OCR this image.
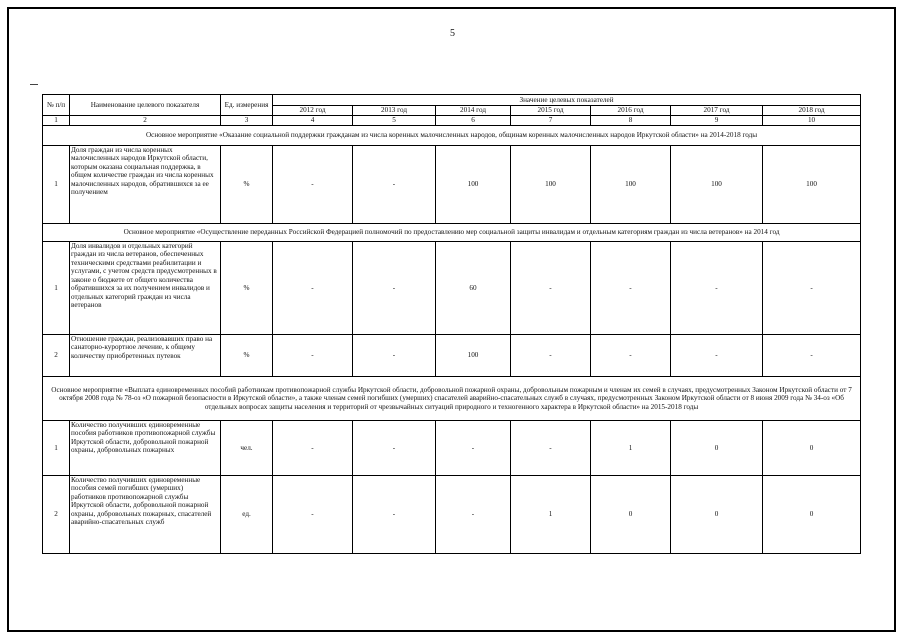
5
№ п/п	Наименование целевого показателя	Ед. измерения	Значение целевых показателей						
			2012 год	2013 год	2014 год	2015 год	2016 год	2017 год	2018 год
1	2	3	4	5	6	7	8	9	10
Основное мероприятие «Оказание социальной поддержки гражданам из числа коренных малочисленных народов, общинам коренных малочисленных народов Иркутской области» на 2014-2018 годы									
1	Доля граждан из числа коренных малочисленных народов Иркутской области, которым оказана социальная поддержка, в общем количестве граждан из числа коренных малочисленных народов, обратившихся за ее получением	%	-	-	100	100	100	100	100
Основное мероприятие «Осуществление переданных Российской Федерацией полномочий по предоставлению мер социальной защиты инвалидам и отдельным категориям граждан из числа ветеранов» на 2014 год									
1	Доля инвалидов и отдельных категорий граждан из числа ветеранов, обеспеченных техническими средствами реабилитации и услугами, с учетом средств предусмотренных в законе о бюджете от общего количества обратившихся за их получением инвалидов и отдельных категорий граждан из числа ветеранов	%	-	-	60	-	-	-	-
2	Отношение граждан, реализовавших право на санаторно-курортное лечение, к общему количеству приобретенных путевок	%	-	-	100	-	-	-	-
Основное мероприятие «Выплата единовременных пособий работникам противопожарной службы Иркутской области, добровольной пожарной охраны, добровольным пожарным и членам их семей в случаях, предусмотренных Законом Иркутской области от 7 октября 2008 года № 78-оз «О пожарной безопасности в Иркутской области», а также членам семей погибших (умерших) спасателей аварийно-спасательных служб в случаях, предусмотренных Законом Иркутской области от 8 июня 2009 года № 34-оз «Об отдельных вопросах защиты населения и территорий от чрезвычайных ситуаций природного и техногенного характера в Иркутской области» на 2015-2018 годы									
1	Количество получивших единовременные пособия работников противопожарной службы Иркутской области, добровольной пожарной охраны, добровольных пожарных	чел.	-	-	-	-	1	0	0
2	Количество получивших единовременные пособия семей погибших (умерших) работников противопожарной службы Иркутской области, добровольной пожарной охраны, добровольных пожарных, спасателей аварийно-спасательных служб	ед.	-	-	-	1	0	0	0
